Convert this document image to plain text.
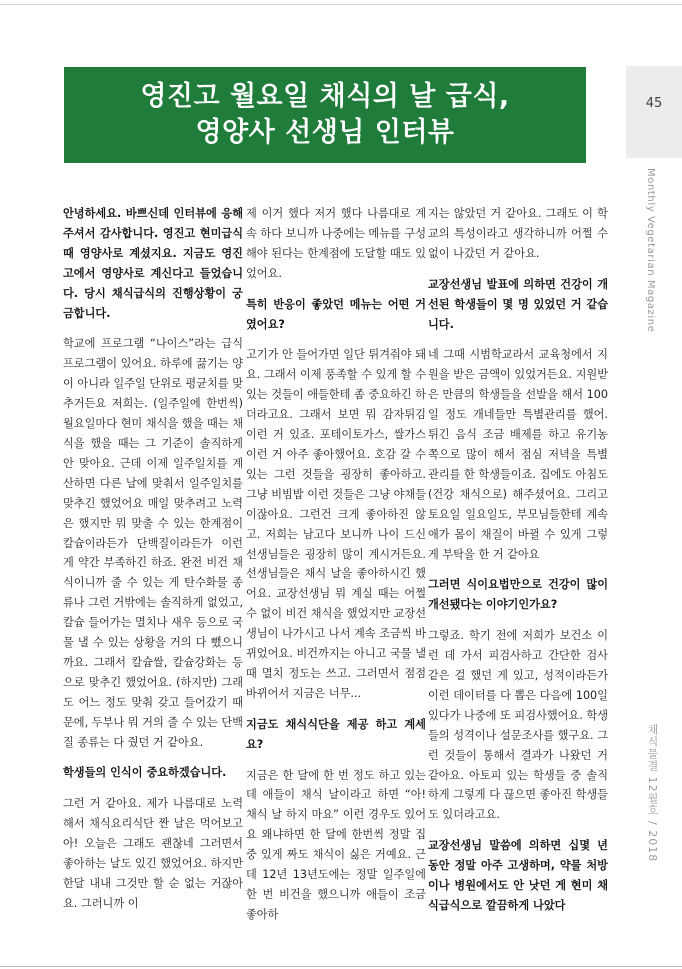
45
Monthly Vegetarian Magazine
채식물결 12월호 / 2018
영진고 월요일 채식의 날 급식,
영양사 선생님 인터뷰

안녕하세요. 바쁘신데 인터뷰에 응해 주셔서 감사합니다. 영진고 현미급식때 영양사로 계셨지요. 지금도 영진고에서 영양사로 계신다고 들었습니다. 당시 채식급식의 진행상황이 궁금합니다.

학교에 프로그램 “나이스”라는 급식 프로그램이 있어요. 하루에 끓기는 양이 아니라 일주일 단위로 평균치를 맞추거든요 저희는. (일주일에 한번씩) 월요일마다 현미 채식을 했을 때는 채식을 했을 때는 그 기준이 솔직하게 안 맞아요. 근데 이제 일주일치를 계산하면 다른 날에 맞춰서 일주일치를 맞추긴 했었어요 매일 맞추려고 노력은 했지만 뭐 맞출 수 있는 한계점이 칼슘이라든가 단백질이라든가 이런 게 약간 부족하긴 하죠. 완전 비건 채식이니까 줄 수 있는 게 탄수화물 종류나 그런 거밖에는 솔직하게 없었고, 칼슘 들어가는 멸치나 새우 등으로 국물 낼 수 있는 상황을 거의 다 뺐으니까요. 그래서 칼슘쌀, 칼슘강화는 등으로 맞추긴 했었어요. (하지만) 그래도 어느 정도 맞춰 갖고 들어갔기 때문에, 두부나 뭐 거의 줄 수 있는 단백질 종류는 다 줬던 거 같아요.

학생들의 인식이 중요하겠습니다.

그런 거 같아요. 제가 나름대로 노력해서 채식요리식단 짠 날은 먹어보고 아! 오늘은 그래도 괜찮네 그러면서 좋아하는 날도 있긴 했었어요. 하지만 한달 내내 그것만 할 순 없는 거잖아요. 그러니까 이

제 이거 했다 저거 했다 나름대로 계속 하다 보니까 나중에는 메뉴를 구성해야 된다는 한계점에 도달할 때도 있었어요.

특히 반응이 좋았던 메뉴는 어떤 거였어요?

고기가 안 들어가면 일단 튀겨줘야 돼요. 그래서 이제 풍족할 수 있게 할 수 있는 것들이 애들한테 좀 중요하긴 하더라고요. 그래서 보면 뭐 감자튀김 이런 거 있죠. 포테이토가스, 쌀가스 이런 거 아주 좋아했어요. 호감 갈 수 있는 그런 것들을 굉장히 좋아하고. 그냥 비빔밥 이런 것들은 그냥 야채들이잖아요. 그런건 크게 좋아하진 않고. 저희는 남고다 보니까 나이 드신 선생님들은 굉장히 많이 계시거든요. 선생님들은 채식 날을 좋아하시긴 했어요. 교장선생님 뭐 계실 때는 어쩔 수 없이 비건 채식을 했었지만 교장선생님이 나가시고 나서 계속 조금씩 바뀌었어요. 비건까지는 아니고 국물 낼 때 멸치 정도는 쓰고. 그러면서 점점 바뀌어서 지금은 너무...

지금도 채식식단을 제공 하고 계세요?

지금은 한 달에 한 번 정도 하고 있는데 애들이 채식 날이라고 하면 “아! 채식 날 하지 마요” 이런 경우도 있어요 왜냐하면 한 달에 한번씩 정말 집중 있게 짜도 채식이 싫은 거예요. 근데 12년 13년도에는 정말 일주일에 한 번 비건을 했으니까 애들이 조금 좋아하

지는 않았던 거 같아요. 그래도 이 학교의 특성이라고 생각하니까 어쩔 수 없이 나갔던 거 같아요.

교장선생님 발표에 의하면 건강이 개선된 학생들이 몇 명 있었던 거 같습니다.

네 그때 시범학교라서 교육청에서 지원을 받은 금액이 있었거든요. 지원받은 만큼의 학생들을 선발을 해서 100일 정도 개네들만 특별관리를 했어. 튀긴 음식 조금 배제를 하고 유기농 쪽으로 많이 해서 점심 저녁을 특별 관리를 한 학생들이죠. 집에도 아침도 (건강 채식으로) 해주셨어요. 그리고 토요일 일요일도, 부모님들한테 계속 애가 몸이 채질이 바뀔 수 있게 그렇게 부탁을 한 거 같아요

그러면 식이요법만으로 건강이 많이 개선됐다는 이야기인가요?

그렇죠. 학기 전에 저희가 보건소 이런 데 가서 피검사하고 간단한 검사 같은 걸 했던 게 있고, 성적이라든가 이런 데이터를 다 뽑은 다음에 100일 있다가 나중에 또 피검사했어요. 학생들의 성격이나 설문조사를 했구요. 그런 것들이 통해서 결과가 나왔던 거 같아요. 아토피 있는 학생들 중 솔직하게 그렇게 다 끊으면 좋아진 학생들도 있더라고요.

교장선생님 말씀에 의하면 십몇 년 동안 정말 아주 고생하며, 약물 처방이나 병원에서도 안 낫던 게 현미 채식급식으로 깔끔하게 나았다
